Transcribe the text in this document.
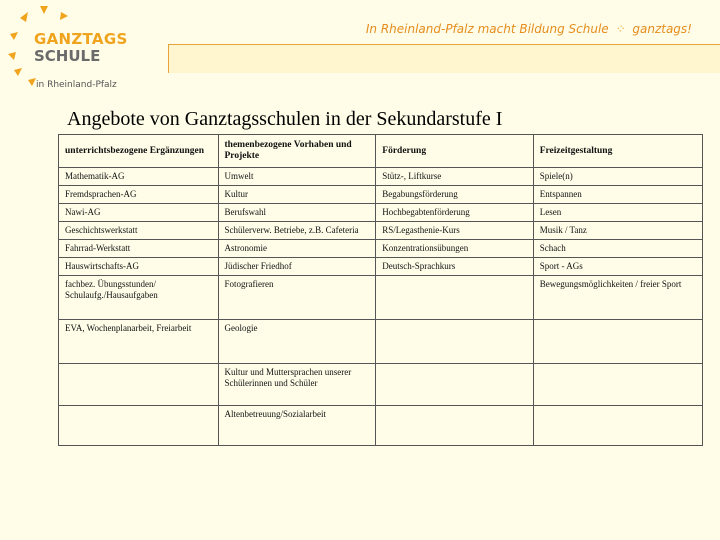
GANZTAGS
SCHULE
in Rheinland-Pfalz
In Rheinland-Pfalz macht Bildung Schule ⁘ ganztags!
Angebote von Ganztagsschulen in der Sekundarstufe I
unterrichtsbezogene Ergänzungen	themenbezogene Vorhaben und Projekte	Förderung	Freizeitgestaltung
Mathematik-AG	Umwelt	Stütz-, Liftkurse	Spiele(n)
Fremdsprachen-AG	Kultur	Begabungsförderung	Entspannen
Nawi-AG	Berufswahl	Hochbegabtenförderung	Lesen
Geschichtswerkstatt	Schülerverw. Betriebe, z.B. Cafeteria	RS/Legasthenie-Kurs	Musik / Tanz
Fahrrad-Werkstatt	Astronomie	Konzentrationsübungen	Schach
Hauswirtschafts-AG	Jüdischer Friedhof	Deutsch-Sprachkurs	Sport - AGs
fachbez. Übungsstunden/ Schulaufg./Hausaufgaben	Fotografieren		Bewegungsmöglichkeiten / freier Sport
EVA, Wochenplanarbeit, Freiarbeit	Geologie		
	Kultur und Muttersprachen unserer Schülerinnen und Schüler		
	Altenbetreuung/Sozialarbeit		
